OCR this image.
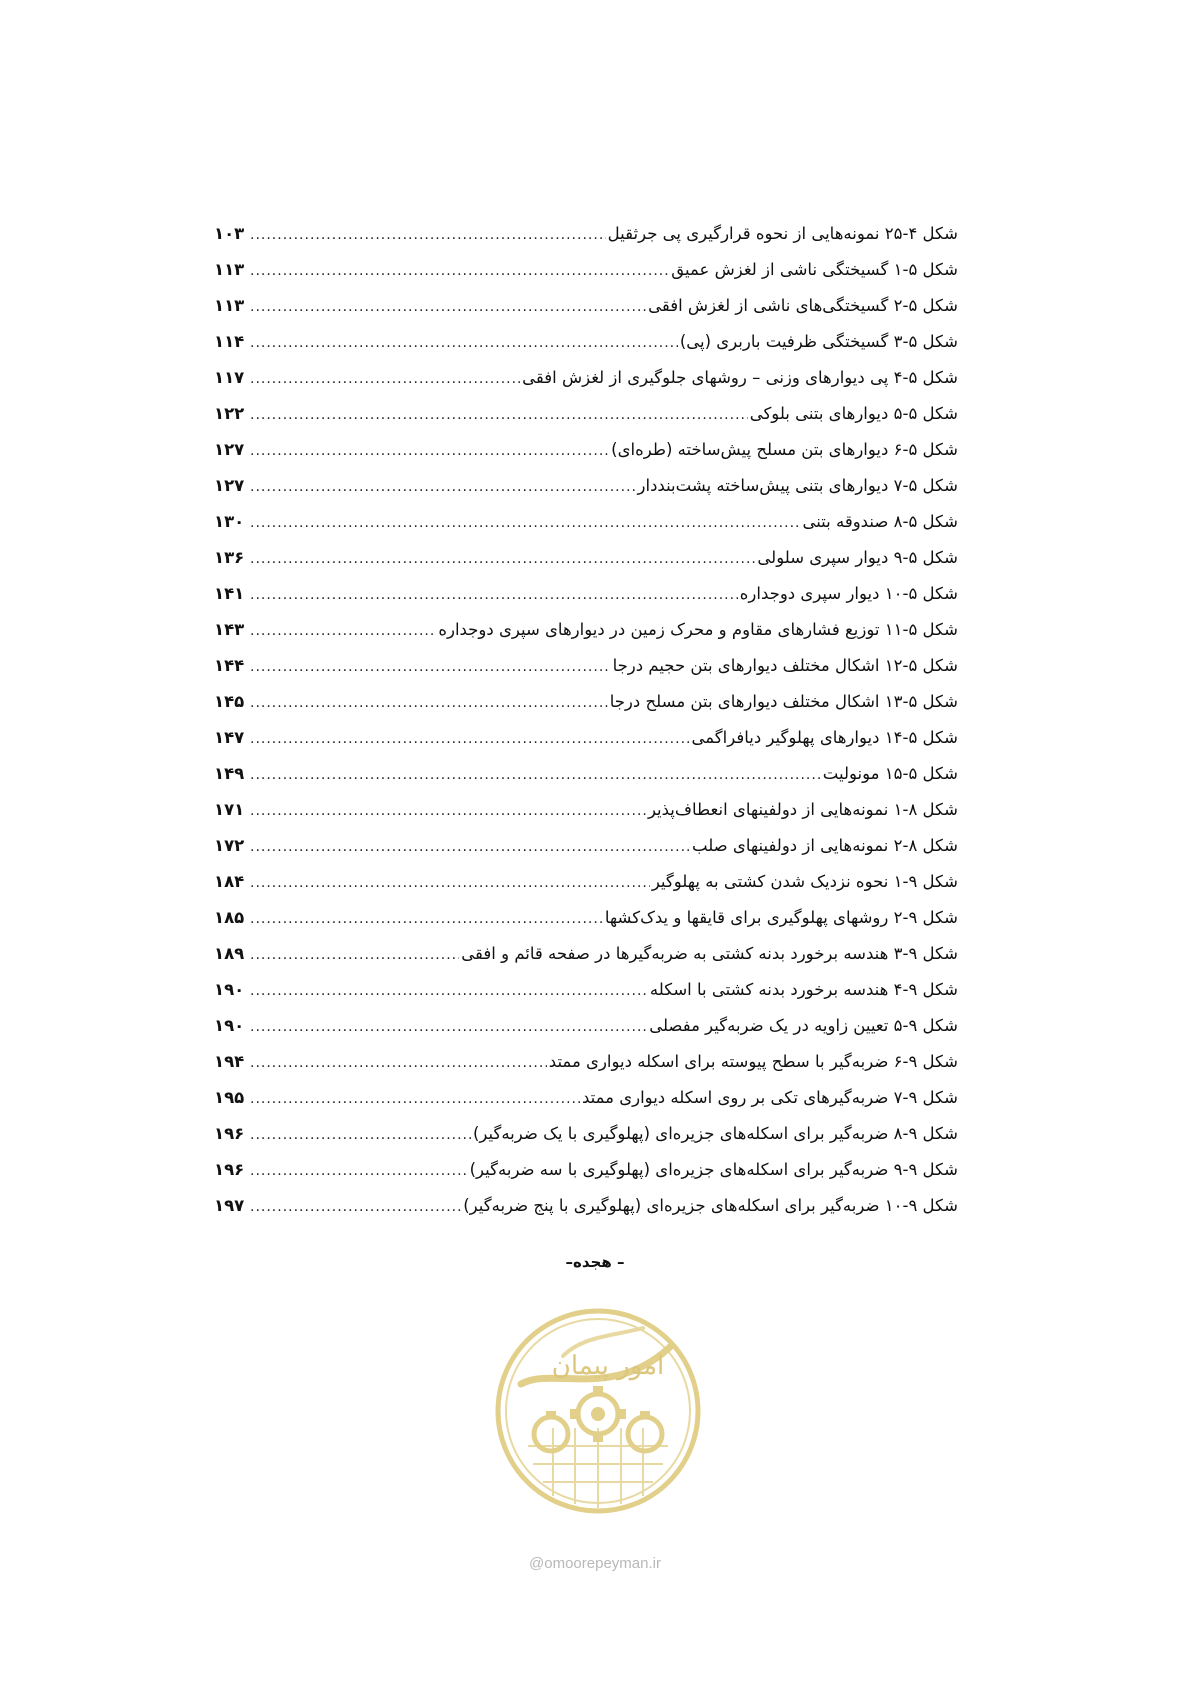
شکل ۴-۲۵ نمونه‌هایی از نحوه قرارگیری پی جرثقیل
.....
۱۰۳
شکل ۵-۱ گسیختگی ناشی از لغزش عمیق
.....
۱۱۳
شکل ۵-۲ گسیختگی‌های ناشی از لغزش افقی
.....
۱۱۳
شکل ۵-۳ گسیختگی ظرفیت باربری (پی)
.....
۱۱۴
شکل ۵-۴ پی دیوارهای وزنی – روشهای جلوگیری از لغزش افقی
.....
۱۱۷
شکل ۵-۵ دیوارهای بتنی بلوکی
.....
۱۲۲
شکل ۵-۶ دیوارهای بتن مسلح پیش‌ساخته (طره‌ای)
.....
۱۲۷
شکل ۵-۷ دیوارهای بتنی پیش‌ساخته پشت‌بنددار
.....
۱۲۷
شکل ۵-۸ صندوقه بتنی
.....
۱۳۰
شکل ۵-۹ دیوار سپری سلولی
.....
۱۳۶
شکل ۵-۱۰ دیوار سپری دوجداره
.....
۱۴۱
شکل ۵-۱۱ توزیع فشارهای مقاوم و محرک زمین در دیوارهای سپری دوجداره
.....
۱۴۳
شکل ۵-۱۲ اشکال مختلف دیوارهای بتن حجیم درجا
.....
۱۴۴
شکل ۵-۱۳ اشکال مختلف دیوارهای بتن مسلح درجا
.....
۱۴۵
شکل ۵-۱۴ دیوارهای پهلوگیر دیافراگمی
.....
۱۴۷
شکل ۵-۱۵ مونولیت
.....
۱۴۹
شکل ۸-۱ نمونه‌هایی از دولفینهای انعطاف‌پذیر
.....
۱۷۱
شکل ۸-۲ نمونه‌هایی از دولفینهای صلب
.....
۱۷۲
شکل ۹-۱ نحوه نزدیک شدن کشتی به پهلوگیر
.....
۱۸۴
شکل ۹-۲ روشهای پهلوگیری برای قایقها و یدک‌کشها
.....
۱۸۵
شکل ۹-۳ هندسه برخورد بدنه کشتی به ضربه‌گیرها در صفحه قائم و افقی
.....
۱۸۹
شکل ۹-۴ هندسه برخورد بدنه کشتی با اسکله
.....
۱۹۰
شکل ۹-۵ تعیین زاویه در یک ضربه‌گیر مفصلی
.....
۱۹۰
شکل ۹-۶ ضربه‌گیر با سطح پیوسته برای اسکله دیواری ممتد
.....
۱۹۴
شکل ۹-۷ ضربه‌گیرهای تکی بر روی اسکله دیواری ممتد
.....
۱۹۵
شکل ۹-۸ ضربه‌گیر برای اسکله‌های جزیره‌ای (پهلوگیری با یک ضربه‌گیر)
.....
۱۹۶
شکل ۹-۹ ضربه‌گیر برای اسکله‌های جزیره‌ای (پهلوگیری با سه ضربه‌گیر)
.....
۱۹۶
شکل ۹-۱۰ ضربه‌گیر برای اسکله‌های جزیره‌ای (پهلوگیری با پنج ضربه‌گیر)
.....
۱۹۷
– هجده–
امور پیمان
@omoorepeyman.ir
